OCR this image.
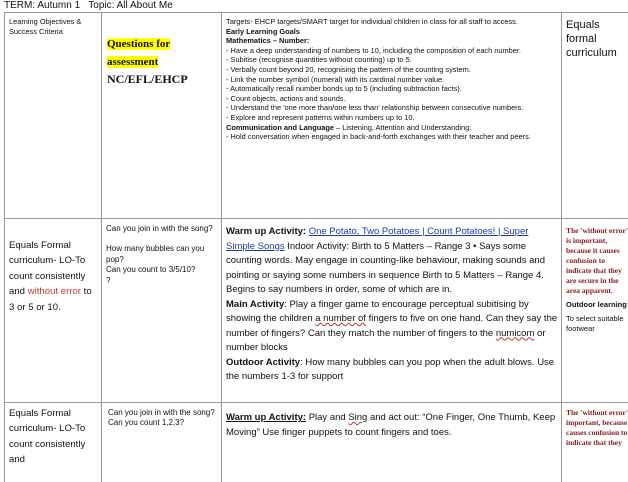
TERM: Autumn 1   Topic: All About Me
Learning Objectives & Success Criteria
Questions for assessment
NC/EFL/EHCP

Targets- EHCP targets/SMART target for individual children in class for all staff to access.

Early Learning Goals

Mathematics – Number:

- Have a deep understanding of numbers to 10, including the composition of each number.

- Subitise (recognise quantities without counting) up to 5.

- Verbally count beyond 20, recognising the pattern of the counting system.

- Link the number symbol (numeral) with its cardinal number value.

- Automatically recall number bonds up to 5 (including subtraction facts).

- Count objects, actions and sounds.

- Understand the 'one more than/one less than' relationship between consecutive numbers.

- Explore and represent patterns within numbers up to 10.

Communication and Language – Listening, Attention and Understanding:

- Hold conversation when engaged in back-and-forth exchanges with their teacher and peers.

Equals formal curriculum
Equals Formal curriculum- LO-To count consistently and without error to 3 or 5 or 10.

Can you join in with the song?

How many bubbles can you pop?

Can you count to 3/5/10?

?

Warm up Activity: One Potato, Two Potatoes | Count Potatoes! | Super Simple Songs Indoor Activity: Birth to 5 Matters – Range 3 • Says some counting words. May engage in counting-like behaviour, making sounds and pointing or saying some numbers in sequence Birth to 5 Matters – Range 4. Begins to say numbers in order, some of which are in.

Main Activity: Play a finger game to encourage perceptual subitising by showing the children a number of fingers to five on one hand. Can they say the number of fingers? Can they match the number of fingers to the numicom or number blocks

Outdoor Activity: How many bubbles can you pop when the adult blows. Use the numbers 1-3 for support

The 'without error' is important, because it causes confusion to indicate that they are secure in the area apparent.

Outdoor learning

To select suitable footwear

Equals Formal curriculum- LO-To count consistently and

Can you join in with the song?

Can you count 1,2,3?	Warm up Activity: Play and Sing and act out: “One Finger, One Thumb, Keep Moving” Use finger puppets to count fingers and toes.

The 'without error' important, because causes confusion to indicate that they
